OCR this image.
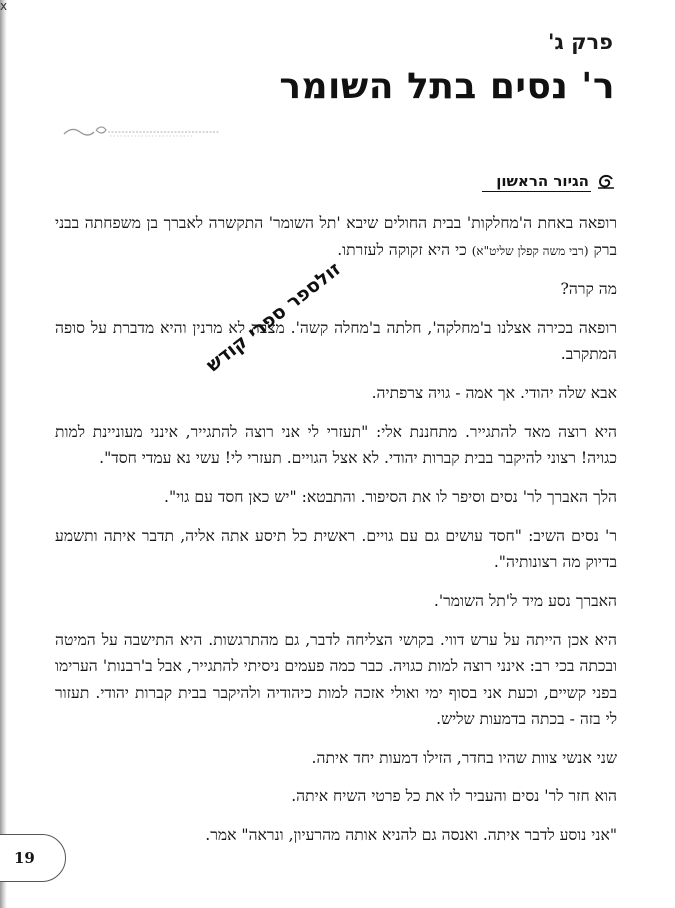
x
פרק ג'
ר' נסים בתל השומר
הגיור הראשון

רופאה באחת ה'מחלקות' בבית החולים שיבא 'תל השומר' התקשרה לאברך בן משפחתה בבני ברק (רבי משה קפלן שליט"א) כי היא זקוקה לעזרתו.

מה קרה?

רופאה בכירה אצלנו ב'מחלקה', חלתה ב'מחלה קשה'. מצבה לא מרנין והיא מדברת על סופה המתקרב.

אבא שלה יהודי. אך אמה - גויה צרפתיה.

היא רוצה מאד להתגייר. מתחננת אלי: "תעזרי לי אני רוצה להתגייר, אינני מעוניינת למות כגויה! רצוני להיקבר בבית קברות יהודי. לא אצל הגויים. תעזרי לי! עשי נא עמדי חסד".

הלך האברך לר' נסים וסיפר לו את הסיפור. והתבטא: "יש כאן חסד עם גוי".

ר' נסים השיב: "חסד עושים גם עם גויים. ראשית כל תיסע אתה אליה, תדבר איתה ותשמע בדיוק מה רצונותיה".

האברך נסע מיד ל'תל השומר'.

היא אכן הייתה על ערש דווי. בקושי הצליחה לדבר, גם מהתרגשות. היא התישבה על המיטה ובכתה בכי רב: אינני רוצה למות כגויה. כבר כמה פעמים ניסיתי להתגייר, אבל ב'רבנות' הערימו בפני קשיים, וכעת אני בסוף ימי ואולי אזכה למות כיהודיה ולהיקבר בבית קברות יהודי. תעזור לי בזה - בכתה בדמעות שליש.

שני אנשי צוות שהיו בחדר, הזילו דמעות יחד איתה.

הוא חזר לר' נסים והעביר לו את כל פרטי השיח איתה.

"אני נוסע לדבר איתה. ואנסה גם להניא אותה מהרעיון, ונראה" אמר.

זולספר ספרי קודש
19
